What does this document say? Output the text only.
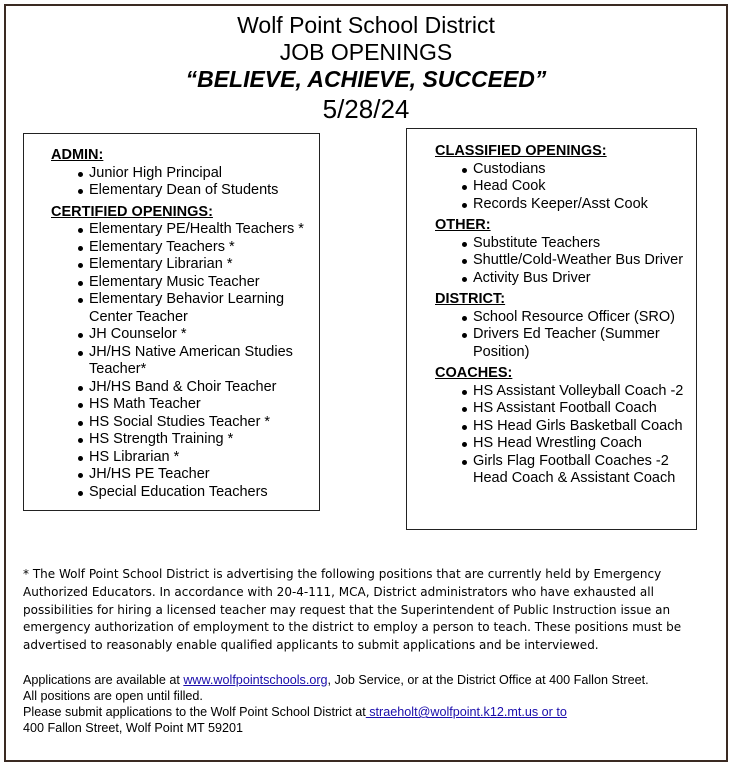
Wolf Point School District
JOB OPENINGS
“BELIEVE, ACHIEVE, SUCCEED”
5/28/24
ADMIN:
Junior High Principal
Elementary Dean of Students
CERTIFIED OPENINGS:
Elementary PE/Health Teachers *
Elementary Teachers *
Elementary Librarian *
Elementary Music Teacher
Elementary Behavior Learning Center Teacher
JH Counselor *
JH/HS Native American Studies Teacher*
JH/HS Band & Choir Teacher
HS Math Teacher
HS Social Studies Teacher *
HS Strength Training *
HS Librarian *
JH/HS PE Teacher
Special Education Teachers
CLASSIFIED OPENINGS:
Custodians
Head Cook
Records Keeper/Asst Cook
OTHER:
Substitute Teachers
Shuttle/Cold-Weather Bus Driver
Activity Bus Driver
DISTRICT:
School Resource Officer (SRO)
Drivers Ed Teacher (Summer Position)
COACHES:
HS Assistant Volleyball Coach -2
HS Assistant Football Coach
HS Head Girls Basketball Coach
HS Head Wrestling Coach
Girls Flag Football Coaches -2 Head Coach & Assistant Coach
* The Wolf Point School District is advertising the following positions that are currently held by Emergency Authorized Educators. In accordance with 20-4-111, MCA, District administrators who have exhausted all possibilities for hiring a licensed teacher may request that the Superintendent of Public Instruction issue an emergency authorization of employment to the district to employ a person to teach. These positions must be advertised to reasonably enable qualified applicants to submit applications and be interviewed.
Applications are available at www.wolfpointschools.org, Job Service, or at the District Office at 400 Fallon Street.
All positions are open until filled.
Please submit applications to the Wolf Point School District at straeholt@wolfpoint.k12.mt.us or to
400 Fallon Street, Wolf Point MT 59201
